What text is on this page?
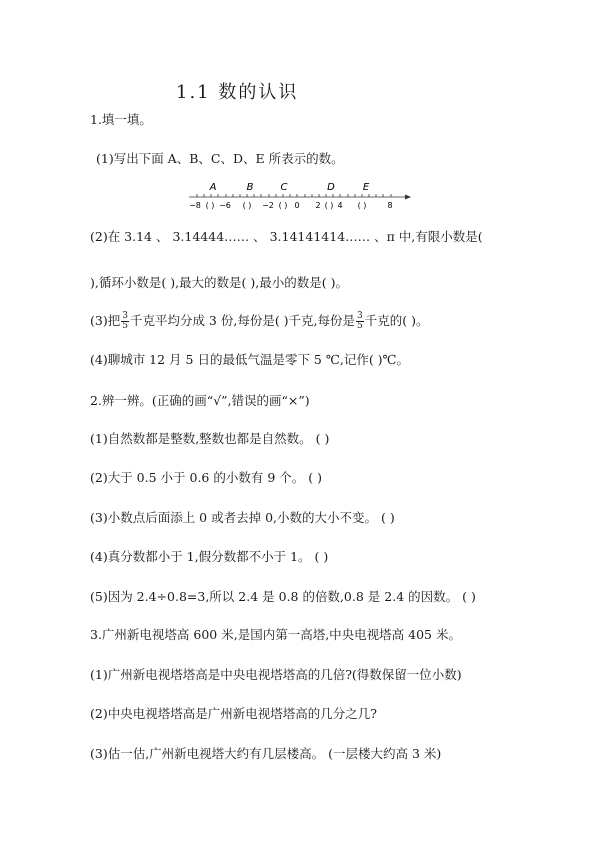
1.1 数的认识
1.填一填。
(1)写出下面 A、B、C、D、E 所表示的数。
A	B	C	D	E
−8 ( ) −6 ( ) −2 ( ) 0 2 ( ) 4 ( )	8
(2)在 3.14 、 3.14444…… 、 3.14141414…… 、π 中,有限小数是(
),循环小数是( ),最大的数是( ),最小的数是( )。
(3)把 $\frac{3}{5}$ 千克平均分成 3 份,每份是( )千克,每份是 $\frac{3}{5}$ 千克的( )。
(4)聊城市 12 月 5 日的最低气温是零下 5 ℃,记作( )℃。
2.辨一辨。(正确的画“√”,错误的画“×”)
(1)自然数都是整数,整数也都是自然数。 ( )
(2)大于 0.5 小于 0.6 的小数有 9 个。 ( )
(3)小数点后面添上 0 或者去掉 0,小数的大小不变。 ( )
(4)真分数都小于 1,假分数都不小于 1。 ( )
(5)因为 2.4÷0.8=3,所以 2.4 是 0.8 的倍数,0.8 是 2.4 的因数。 ( )
3.广州新电视塔高 600 米,是国内第一高塔,中央电视塔高 405 米。
(1)广州新电视塔塔高是中央电视塔塔高的几倍?(得数保留一位小数)
(2)中央电视塔塔高是广州新电视塔塔高的几分之几?
(3)估一估,广州新电视塔大约有几层楼高。 (一层楼大约高 3 米)
